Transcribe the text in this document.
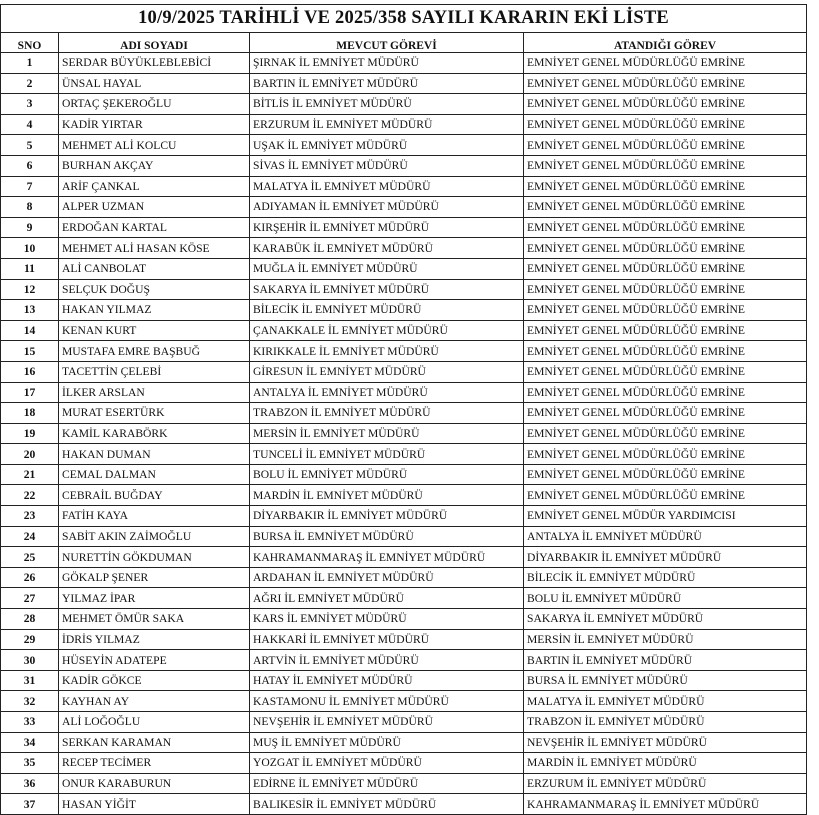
10/9/2025 TARİHLİ VE 2025/358 SAYILI KARARIN EKİ LİSTE			
SNO	ADI SOYADI	MEVCUT GÖREVİ	ATANDIĞI GÖREV
1	SERDAR BÜYÜKLEBLEBİCİ	ŞIRNAK İL EMNİYET MÜDÜRÜ	EMNİYET GENEL MÜDÜRLÜĞÜ EMRİNE
2	ÜNSAL HAYAL	BARTIN İL EMNİYET MÜDÜRÜ	EMNİYET GENEL MÜDÜRLÜĞÜ EMRİNE
3	ORTAÇ ŞEKEROĞLU	BİTLİS İL EMNİYET MÜDÜRÜ	EMNİYET GENEL MÜDÜRLÜĞÜ EMRİNE
4	KADİR YIRTAR	ERZURUM İL EMNİYET MÜDÜRÜ	EMNİYET GENEL MÜDÜRLÜĞÜ EMRİNE
5	MEHMET ALİ KOLCU	UŞAK İL EMNİYET MÜDÜRÜ	EMNİYET GENEL MÜDÜRLÜĞÜ EMRİNE
6	BURHAN AKÇAY	SİVAS İL EMNİYET MÜDÜRÜ	EMNİYET GENEL MÜDÜRLÜĞÜ EMRİNE
7	ARİF ÇANKAL	MALATYA İL EMNİYET MÜDÜRÜ	EMNİYET GENEL MÜDÜRLÜĞÜ EMRİNE
8	ALPER UZMAN	ADIYAMAN İL EMNİYET MÜDÜRÜ	EMNİYET GENEL MÜDÜRLÜĞÜ EMRİNE
9	ERDOĞAN KARTAL	KIRŞEHİR İL EMNİYET MÜDÜRÜ	EMNİYET GENEL MÜDÜRLÜĞÜ EMRİNE
10	MEHMET ALİ HASAN KÖSE	KARABÜK İL EMNİYET MÜDÜRÜ	EMNİYET GENEL MÜDÜRLÜĞÜ EMRİNE
11	ALİ CANBOLAT	MUĞLA İL EMNİYET MÜDÜRÜ	EMNİYET GENEL MÜDÜRLÜĞÜ EMRİNE
12	SELÇUK DOĞUŞ	SAKARYA İL EMNİYET MÜDÜRÜ	EMNİYET GENEL MÜDÜRLÜĞÜ EMRİNE
13	HAKAN YILMAZ	BİLECİK İL EMNİYET MÜDÜRÜ	EMNİYET GENEL MÜDÜRLÜĞÜ EMRİNE
14	KENAN KURT	ÇANAKKALE İL EMNİYET MÜDÜRÜ	EMNİYET GENEL MÜDÜRLÜĞÜ EMRİNE
15	MUSTAFA EMRE BAŞBUĞ	KIRIKKALE İL EMNİYET MÜDÜRÜ	EMNİYET GENEL MÜDÜRLÜĞÜ EMRİNE
16	TACETTİN ÇELEBİ	GİRESUN İL EMNİYET MÜDÜRÜ	EMNİYET GENEL MÜDÜRLÜĞÜ EMRİNE
17	İLKER ARSLAN	ANTALYA İL EMNİYET MÜDÜRÜ	EMNİYET GENEL MÜDÜRLÜĞÜ EMRİNE
18	MURAT ESERTÜRK	TRABZON İL EMNİYET MÜDÜRÜ	EMNİYET GENEL MÜDÜRLÜĞÜ EMRİNE
19	KAMİL KARABÖRK	MERSİN İL EMNİYET MÜDÜRÜ	EMNİYET GENEL MÜDÜRLÜĞÜ EMRİNE
20	HAKAN DUMAN	TUNCELİ İL EMNİYET MÜDÜRÜ	EMNİYET GENEL MÜDÜRLÜĞÜ EMRİNE
21	CEMAL DALMAN	BOLU İL EMNİYET MÜDÜRÜ	EMNİYET GENEL MÜDÜRLÜĞÜ EMRİNE
22	CEBRAİL BUĞDAY	MARDİN İL EMNİYET MÜDÜRÜ	EMNİYET GENEL MÜDÜRLÜĞÜ EMRİNE
23	FATİH KAYA	DİYARBAKIR İL EMNİYET MÜDÜRÜ	EMNİYET GENEL MÜDÜR YARDIMCISI
24	SABİT AKIN ZAİMOĞLU	BURSA İL EMNİYET MÜDÜRÜ	ANTALYA İL EMNİYET MÜDÜRÜ
25	NURETTİN GÖKDUMAN	KAHRAMANMARAŞ İL EMNİYET MÜDÜRÜ	DİYARBAKIR İL EMNİYET MÜDÜRÜ
26	GÖKALP ŞENER	ARDAHAN İL EMNİYET MÜDÜRÜ	BİLECİK İL EMNİYET MÜDÜRÜ
27	YILMAZ İPAR	AĞRI İL EMNİYET MÜDÜRÜ	BOLU İL EMNİYET MÜDÜRÜ
28	MEHMET ÖMÜR SAKA	KARS İL EMNİYET MÜDÜRÜ	SAKARYA İL EMNİYET MÜDÜRÜ
29	İDRİS YILMAZ	HAKKARİ İL EMNİYET MÜDÜRÜ	MERSİN İL EMNİYET MÜDÜRÜ
30	HÜSEYİN ADATEPE	ARTVİN İL EMNİYET MÜDÜRÜ	BARTIN İL EMNİYET MÜDÜRÜ
31	KADİR GÖKCE	HATAY İL EMNİYET MÜDÜRÜ	BURSA İL EMNİYET MÜDÜRÜ
32	KAYHAN AY	KASTAMONU İL EMNİYET MÜDÜRÜ	MALATYA İL EMNİYET MÜDÜRÜ
33	ALİ LOĞOĞLU	NEVŞEHİR İL EMNİYET MÜDÜRÜ	TRABZON İL EMNİYET MÜDÜRÜ
34	SERKAN KARAMAN	MUŞ İL EMNİYET MÜDÜRÜ	NEVŞEHİR İL EMNİYET MÜDÜRÜ
35	RECEP TECİMER	YOZGAT İL EMNİYET MÜDÜRÜ	MARDİN İL EMNİYET MÜDÜRÜ
36	ONUR KARABURUN	EDİRNE İL EMNİYET MÜDÜRÜ	ERZURUM İL EMNİYET MÜDÜRÜ
37	HASAN YİĞİT	BALIKESİR İL EMNİYET MÜDÜRÜ	KAHRAMANMARAŞ İL EMNİYET MÜDÜRÜ
